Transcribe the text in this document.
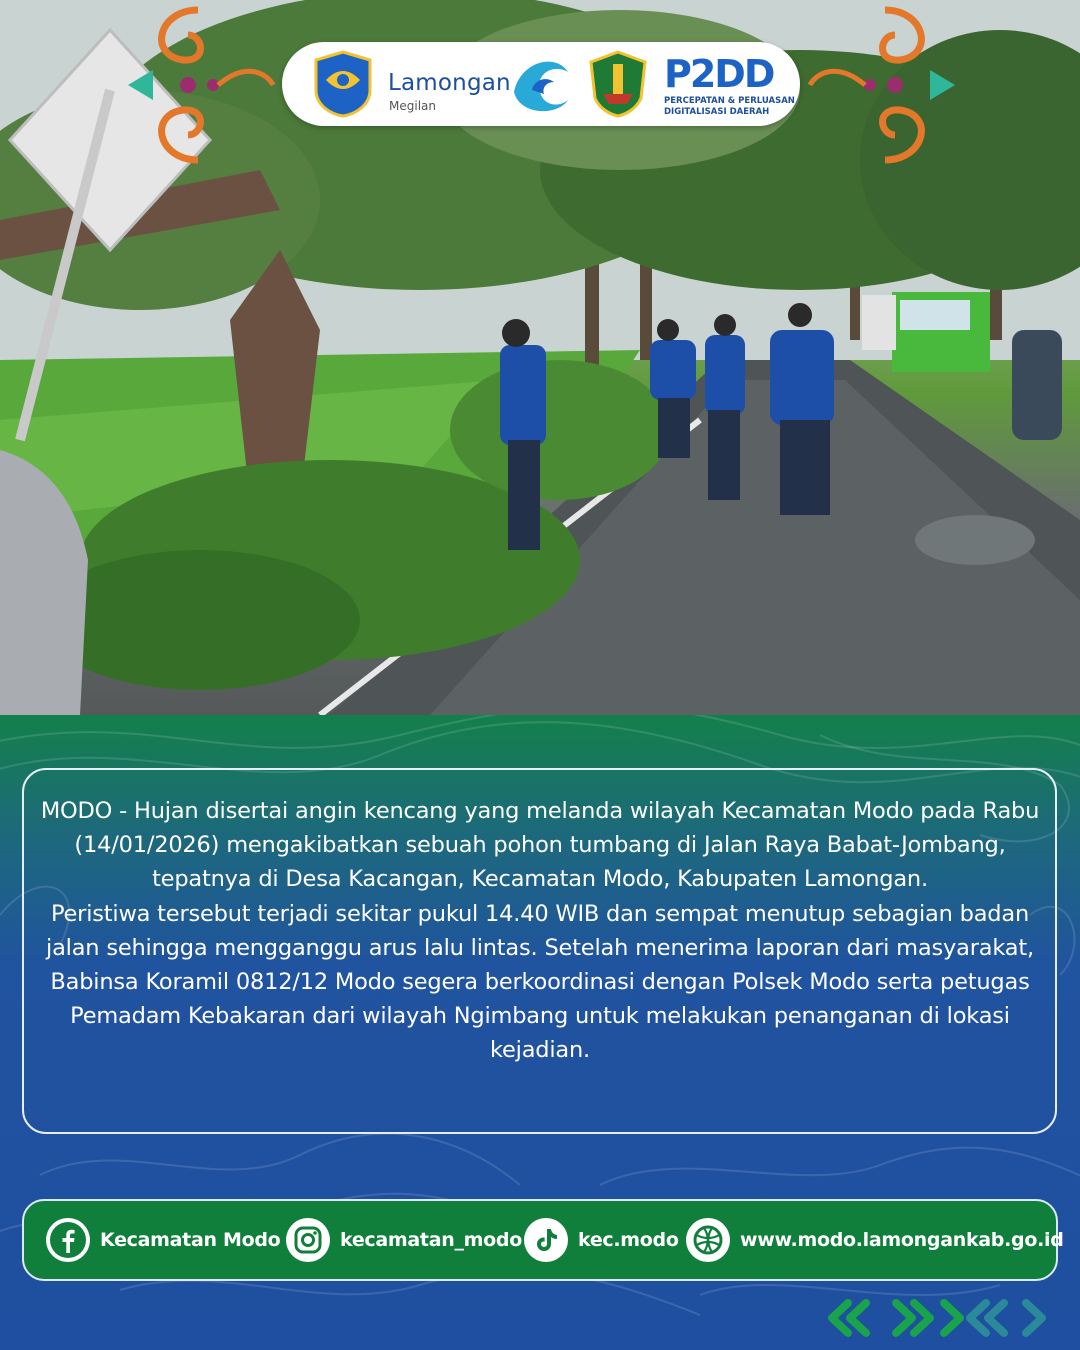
Lamongan
Megilan
P2DD
PERCEPATAN & PERLUASAN
DIGITALISASI DAERAH

MODO - Hujan disertai angin kencang yang melanda wilayah Kecamatan Modo pada Rabu (14/01/2026) mengakibatkan sebuah pohon tumbang di Jalan Raya Babat-Jombang, tepatnya di Desa Kacangan, Kecamatan Modo, Kabupaten Lamongan.

Peristiwa tersebut terjadi sekitar pukul 14.40 WIB dan sempat menutup sebagian badan jalan sehingga mengganggu arus lalu lintas. Setelah menerima laporan dari masyarakat, Babinsa Koramil 0812/12 Modo segera berkoordinasi dengan Polsek Modo serta petugas Pemadam Kebakaran dari wilayah Ngimbang untuk melakukan penanganan di lokasi kejadian.

Kecamatan Modo	kecamatan_modo	kec.modo	www.modo.lamongankab.go.id
